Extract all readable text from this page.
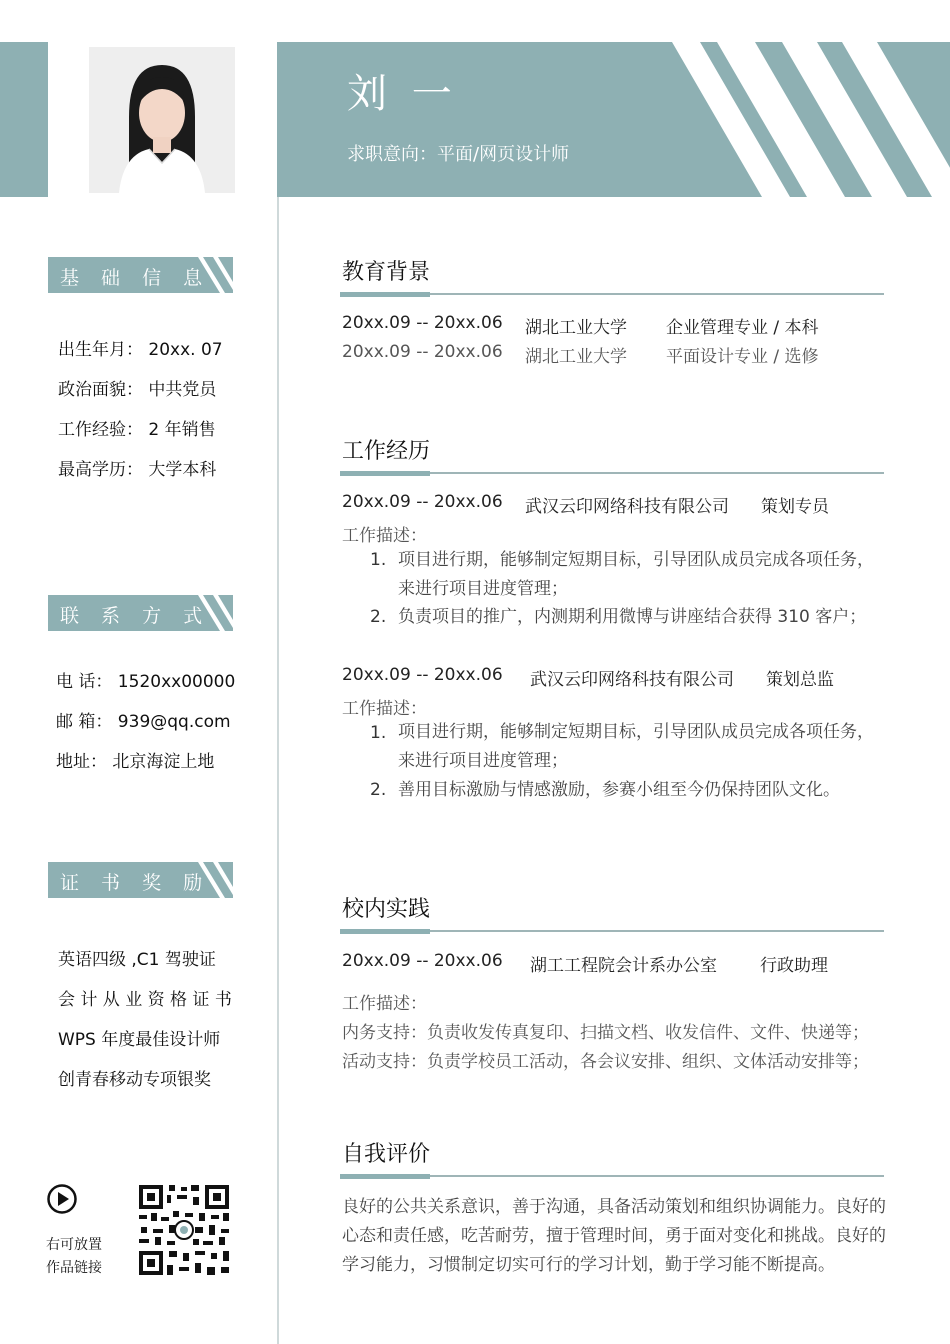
刘 一
求职意向：平面/网页设计师
基 础 信 息
出生年月： 20xx. 07
政治面貌： 中共党员
工作经验： 2 年销售
最高学历： 大学本科
联 系 方 式
电 话： 1520xx00000
邮 箱： 939@qq.com
地址： 北京海淀上地
证 书 奖 励
英语四级 ,C1 驾驶证
会 计 从 业 资 格 证 书
WPS 年度最佳设计师
创青春移动专项银奖
右可放置
作品链接
教育背景
20xx.09 -- 20xx.06 湖北工业大学 企业管理专业 / 本科
20xx.09 -- 20xx.06 湖北工业大学 平面设计专业 / 选修
工作经历
20xx.09 -- 20xx.06 武汉云印网络科技有限公司 策划专员
工作描述：
1. 项目进行期，能够制定短期目标，引导团队成员完成各项任务，来进行项目进度管理；
2. 负责项目的推广，内测期利用微博与讲座结合获得 310 客户；
20xx.09 -- 20xx.06 武汉云印网络科技有限公司 策划总监
工作描述：
1. 项目进行期，能够制定短期目标，引导团队成员完成各项任务，来进行项目进度管理；
2. 善用目标激励与情感激励，参赛小组至今仍保持团队文化。
校内实践
20xx.09 -- 20xx.06 湖工工程院会计系办公室	行政助理
工作描述：
内务支持：负责收发传真复印、扫描文档、收发信件、文件、快递等；
活动支持：负责学校员工活动，各会议安排、组织、文体活动安排等；
自我评价
良好的公共关系意识，善于沟通，具备活动策划和组织协调能力。良好的心态和责任感，吃苦耐劳，擅于管理时间，勇于面对变化和挑战。良好的学习能力，习惯制定切实可行的学习计划，勤于学习能不断提高。
